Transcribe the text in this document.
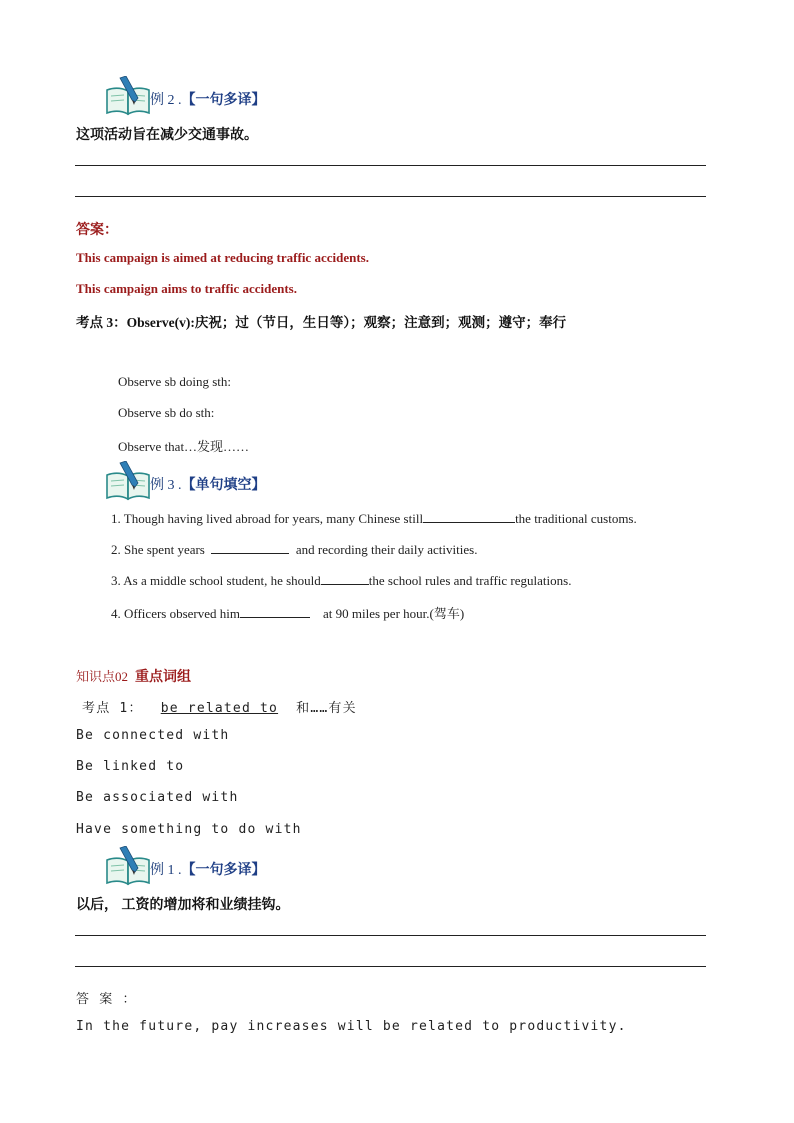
例 2 .【一句多译】
这项活动旨在减少交通事故。
答案：
This campaign is aimed at reducing traffic accidents.
This campaign aims to traffic accidents.
考点 3：Observe(v):庆祝；过（节日，生日等）；观察；注意到；观测；遵守；奉行
Observe sb doing sth:
Observe sb do sth:
Observe that…发现……
例 3 .【单句填空】
1. Though having lived abroad for years, many Chinese still	the traditional customs.
2. She spent years	and recording their daily activities.
3. As a middle school student, he should	the school rules and traffic regulations.
4. Officers observed him	at 90 miles per hour.(驾车)
知识点02 重点词组
考点 1： be related to 和……有关
Be connected with
Be linked to
Be associated with
Have something to do with
例 1 .【一句多译】
以后， 工资的增加将和业绩挂钩。
答 案 ：
In the future, pay increases will be related to productivity.
